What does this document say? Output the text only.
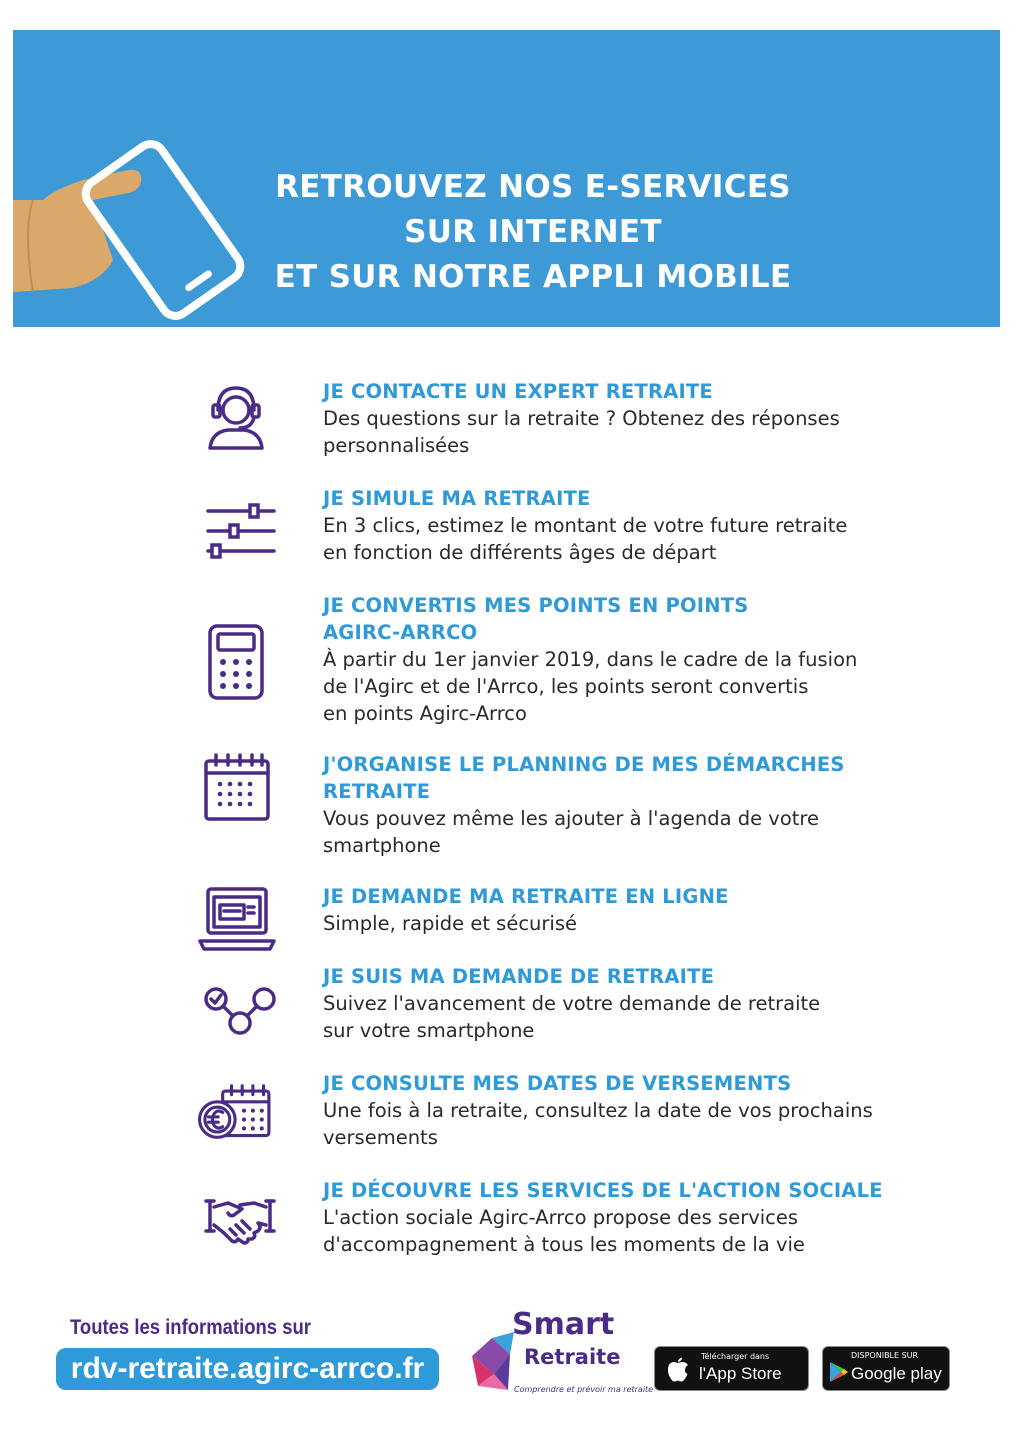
RETROUVEZ NOS E-SERVICES
SUR INTERNET
ET SUR NOTRE APPLI MOBILE
JE CONTACTE UN EXPERT RETRAITE
Des questions sur la retraite ? Obtenez des réponses
personnalisées
JE SIMULE MA RETRAITE
En 3 clics, estimez le montant de votre future retraite
en fonction de différents âges de départ
JE CONVERTIS MES POINTS EN POINTS
AGIRC-ARRCO
À partir du 1er janvier 2019, dans le cadre de la fusion
de l'Agirc et de l'Arrco, les points seront convertis
en points Agirc-Arrco
J'ORGANISE LE PLANNING DE MES DÉMARCHES
RETRAITE
Vous pouvez même les ajouter à l'agenda de votre
smartphone
JE DEMANDE MA RETRAITE EN LIGNE
Simple, rapide et sécurisé
JE SUIS MA DEMANDE DE RETRAITE
Suivez l'avancement de votre demande de retraite
sur votre smartphone
JE CONSULTE MES DATES DE VERSEMENTS
Une fois à la retraite, consultez la date de vos prochains
versements
JE DÉCOUVRE LES SERVICES DE L'ACTION SOCIALE
L'action sociale Agirc-Arrco propose des services
d'accompagnement à tous les moments de la vie
Toutes les informations sur
rdv-retraite.agirc-arrco.fr
Smart
Retraite
Comprendre et prévoir ma retraite
Télécharger dans
l'App Store
DISPONIBLE SUR
Google play
